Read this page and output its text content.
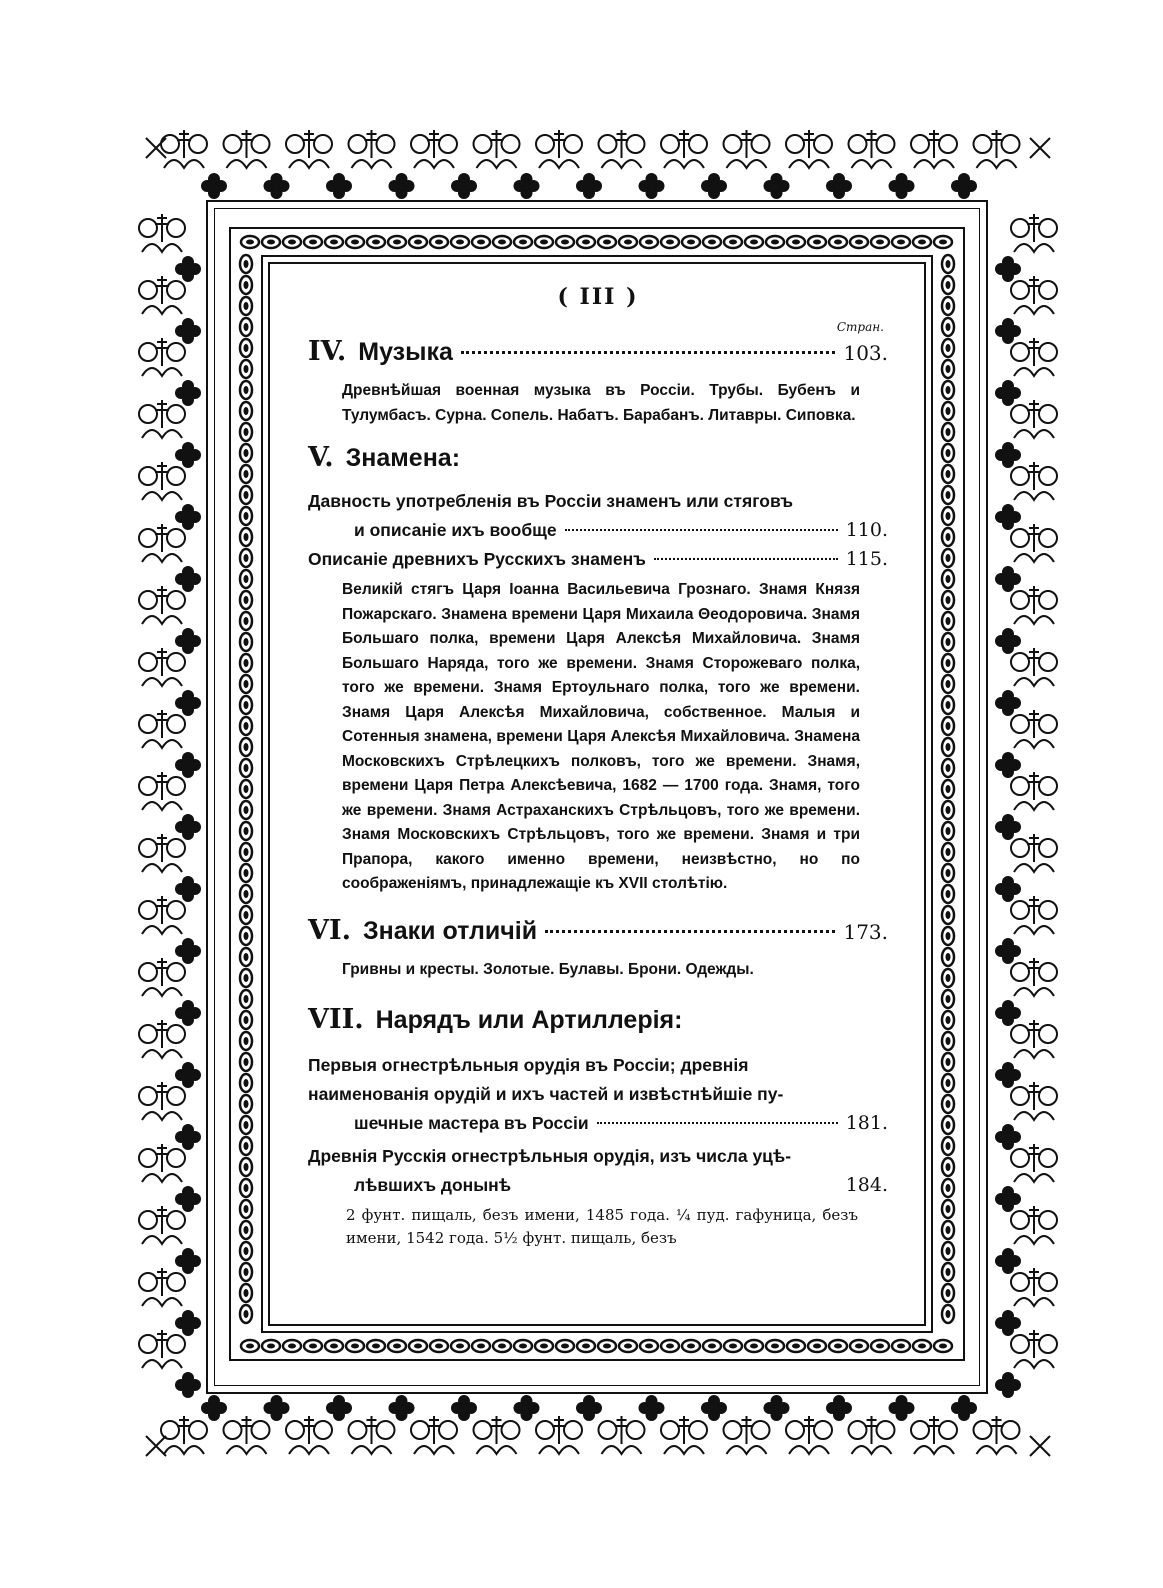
( III )
Стран.
IV. Музыка	103.
Древнѣйшая военная музыка въ Россіи. Трубы. Бубенъ и Тулумбасъ. Сурна. Сопель. Набатъ. Барабанъ. Литавры. Сиповка.
V. Знамена:
Давность употребленія въ Россіи знаменъ или стяговъ
и описаніе ихъ вообще	110.
Описаніе древнихъ Русскихъ знаменъ	115.
Великій стягъ Царя Іоанна Васильевича Грознаго. Знамя Князя Пожарскаго. Знамена времени Царя Михаила Θеодоровича. Знамя Большаго полка, времени Царя Алексѣя Михайловича. Знамя Большаго Наряда, того же времени. Знамя Сторожеваго полка, того же времени. Знамя Ертоульнаго полка, того же времени. Знамя Царя Алексѣя Михайловича, собственное. Малыя и Сотенныя знамена, времени Царя Алексѣя Михайловича. Знамена Московскихъ Стрѣлецкихъ полковъ, того же времени. Знамя, времени Царя Петра Алексѣевича, 1682 — 1700 года. Знамя, того же времени. Знамя Астраханскихъ Стрѣльцовъ, того же времени. Знамя Московскихъ Стрѣльцовъ, того же времени. Знамя и три Прапора, какого именно времени, неизвѣстно, но по соображеніямъ, принадлежащіе къ XVII столѣтію.
VI. Знаки отличій	173.
Гривны и кресты. Золотые. Булавы. Брони. Одежды.
VII. Нарядъ или Артиллерія:
Первыя огнестрѣльныя орудія въ Россіи; древнія наименованія орудій и ихъ частей и извѣстнѣйшіе пу-
шечные мастера въ Россіи	181.
Древнія Русскія огнестрѣльныя орудія, изъ числа уцѣ-
лѣвшихъ донынѣ	184.
2 фунт. пищаль, безъ имени, 1485 года. ¼ пуд. гафуница, безъ имени, 1542 года. 5½ фунт. пищаль, безъ
